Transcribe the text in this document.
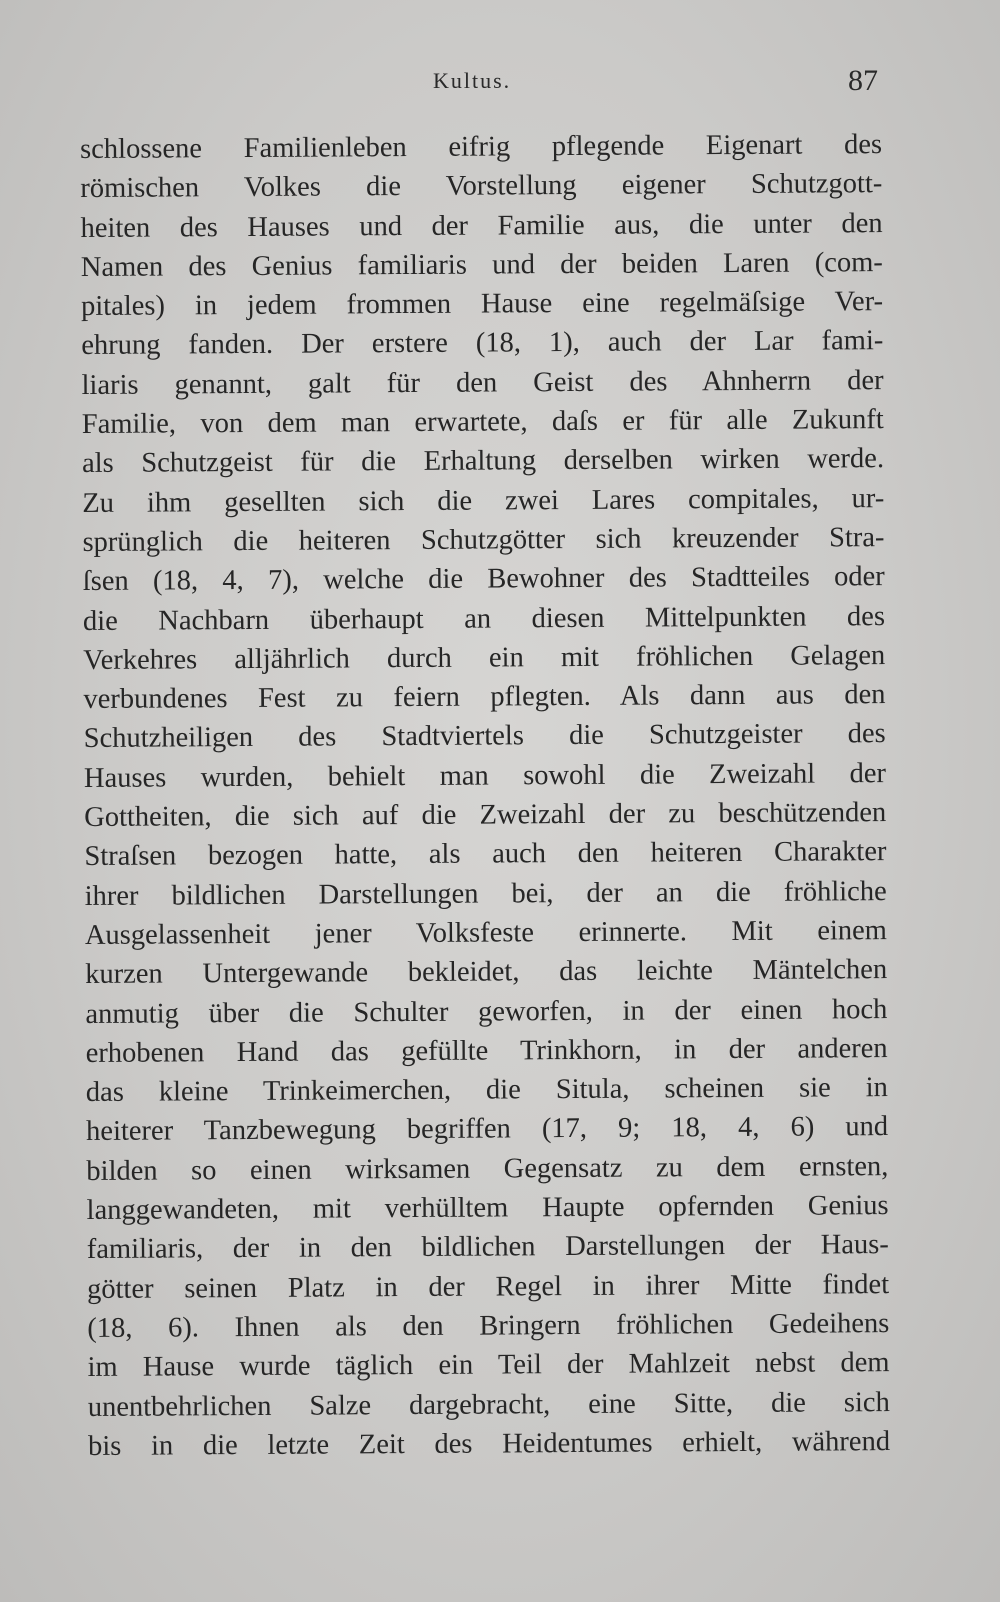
Kultus.	87
schlossene Familienleben eifrig pflegende Eigenart des
römischen Volkes die Vorstellung eigener Schutzgott-
heiten des Hauses und der Familie aus, die unter den
Namen des Genius familiaris und der beiden Laren (com-
pitales) in jedem frommen Hause eine regelmäſsige Ver-
ehrung fanden. Der erstere (18, 1), auch der Lar fami-
liaris genannt, galt für den Geist des Ahnherrn der
Familie, von dem man erwartete, daſs er für alle Zukunft
als Schutzgeist für die Erhaltung derselben wirken werde.
Zu ihm gesellten sich die zwei Lares compitales, ur-
sprünglich die heiteren Schutzgötter sich kreuzender Stra-
ſsen (18, 4, 7), welche die Bewohner des Stadtteiles oder
die Nachbarn überhaupt an diesen Mittelpunkten des
Verkehres alljährlich durch ein mit fröhlichen Gelagen
verbundenes Fest zu feiern pflegten. Als dann aus den
Schutzheiligen des Stadtviertels die Schutzgeister des
Hauses wurden, behielt man sowohl die Zweizahl der
Gottheiten, die sich auf die Zweizahl der zu beschützenden
Straſsen bezogen hatte, als auch den heiteren Charakter
ihrer bildlichen Darstellungen bei, der an die fröhliche
Ausgelassenheit jener Volksfeste erinnerte. Mit einem
kurzen Untergewande bekleidet, das leichte Mäntelchen
anmutig über die Schulter geworfen, in der einen hoch
erhobenen Hand das gefüllte Trinkhorn, in der anderen
das kleine Trinkeimerchen, die Situla, scheinen sie in
heiterer Tanzbewegung begriffen (17, 9; 18, 4, 6) und
bilden so einen wirksamen Gegensatz zu dem ernsten,
langgewandeten, mit verhülltem Haupte opfernden Genius
familiaris, der in den bildlichen Darstellungen der Haus-
götter seinen Platz in der Regel in ihrer Mitte findet
(18, 6). Ihnen als den Bringern fröhlichen Gedeihens
im Hause wurde täglich ein Teil der Mahlzeit nebst dem
unentbehrlichen Salze dargebracht, eine Sitte, die sich
bis in die letzte Zeit des Heidentumes erhielt, während
